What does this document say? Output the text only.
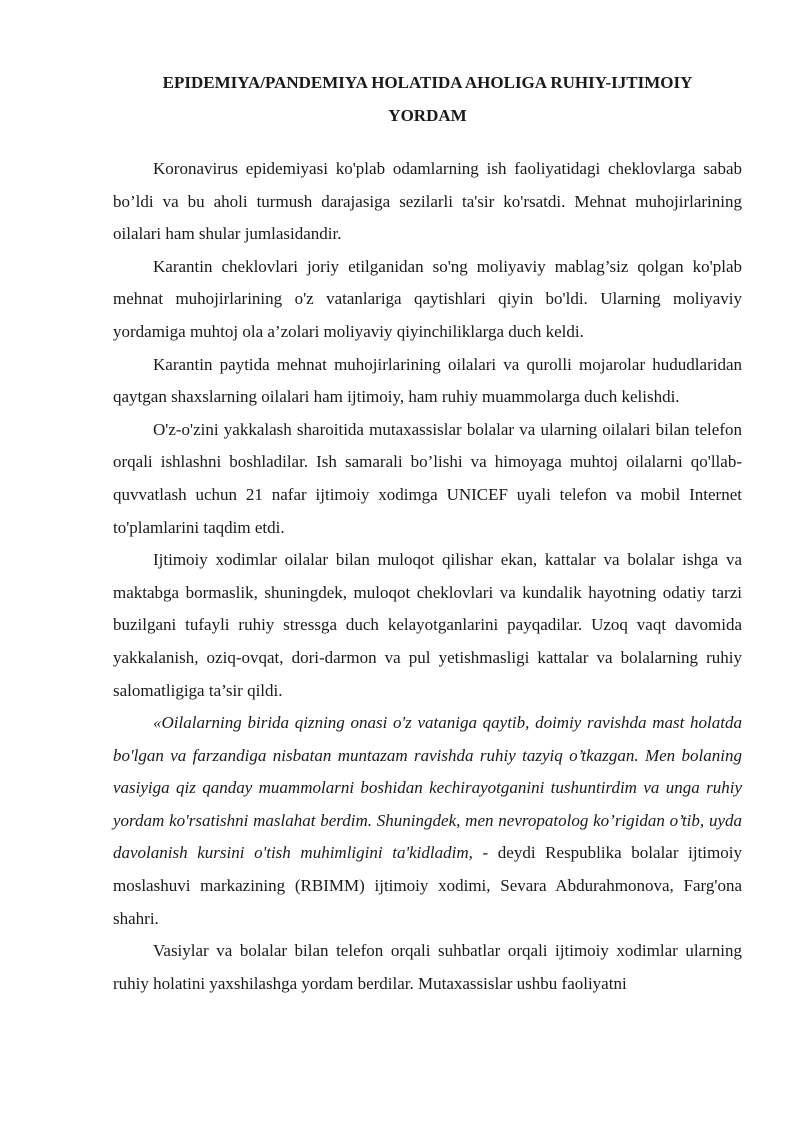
EPIDEMIYA/PANDEMIYA HOLATIDA AHOLIGA RUHIY-IJTIMOIY
YORDAM

Koronavirus epidemiyasi ko'plab odamlarning ish faoliyatidagi cheklovlarga sabab bo’ldi va bu aholi turmush darajasiga sezilarli ta'sir ko'rsatdi. Mehnat muhojirlarining oilalari ham shular jumlasidandir.

Karantin cheklovlari joriy etilganidan so'ng moliyaviy mablag’siz qolgan ko'plab mehnat muhojirlarining o'z vatanlariga qaytishlari qiyin bo'ldi. Ularning moliyaviy yordamiga muhtoj ola a’zolari moliyaviy qiyinchiliklarga duch keldi.

Karantin paytida mehnat muhojirlarining oilalari va qurolli mojarolar hududlaridan qaytgan shaxslarning oilalari ham ijtimoiy, ham ruhiy muammolarga duch kelishdi.

O'z-o'zini yakkalash sharoitida mutaxassislar bolalar va ularning oilalari bilan telefon orqali ishlashni boshladilar. Ish samarali bo’lishi va himoyaga muhtoj oilalarni qo'llab-quvvatlash uchun 21 nafar ijtimoiy xodimga UNICEF uyali telefon va mobil Internet to'plamlarini taqdim etdi.

Ijtimoiy xodimlar oilalar bilan muloqot qilishar ekan, kattalar va bolalar ishga va maktabga bormaslik, shuningdek, muloqot cheklovlari va kundalik hayotning odatiy tarzi buzilgani tufayli ruhiy stressga duch kelayotganlarini payqadilar. Uzoq vaqt davomida yakkalanish, oziq-ovqat, dori-darmon va pul yetishmasligi kattalar va bolalarning ruhiy salomatligiga ta’sir qildi.

«Oilalarning birida qizning onasi o'z vataniga qaytib, doimiy ravishda mast holatda bo'lgan va farzandiga nisbatan muntazam ravishda ruhiy tazyiq o’tkazgan. Men bolaning vasiyiga qiz qanday muammolarni boshidan kechirayotganini tushuntirdim va unga ruhiy yordam ko'rsatishni maslahat berdim. Shuningdek, men nevropatolog ko’rigidan o’tib, uyda davolanish kursini o'tish muhimligini ta'kidladim, - deydi Respublika bolalar ijtimoiy moslashuvi markazining (RBIMM) ijtimoiy xodimi, Sevara Abdurahmonova, Farg'ona shahri.

Vasiylar va bolalar bilan telefon orqali suhbatlar orqali ijtimoiy xodimlar ularning ruhiy holatini yaxshilashga yordam berdilar. Mutaxassislar ushbu faoliyatni
